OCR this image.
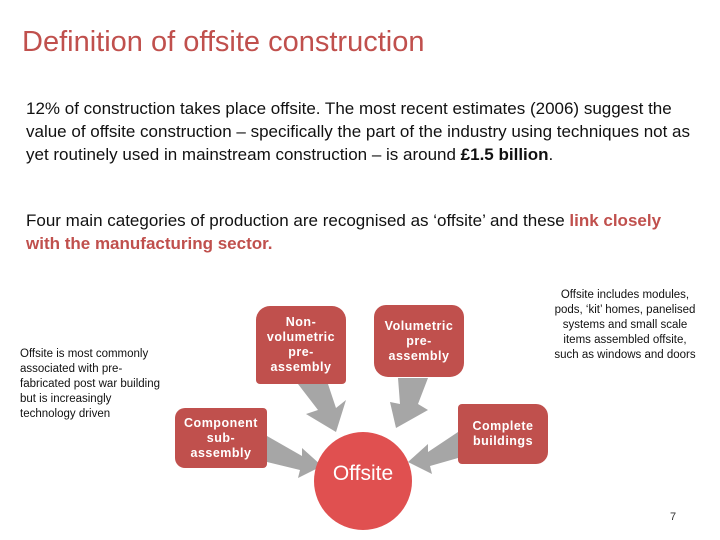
Definition of offsite construction
12% of construction takes place offsite. The most recent estimates (2006) suggest the value of offsite construction – specifically the part of the industry using techniques not as yet routinely used in mainstream construction – is around £1.5 billion.
Four main categories of production are recognised as ‘offsite’ and these link closely with the manufacturing sector.
Offsite is most commonly associated with pre-fabricated post war building but is increasingly technology driven
Offsite includes modules, pods, ‘kit’ homes, panelised systems and small scale items assembled offsite, such as windows and doors
Non-volumetric pre-assembly
Volumetric pre-assembly
Component sub-assembly
Complete buildings
Offsite
7
